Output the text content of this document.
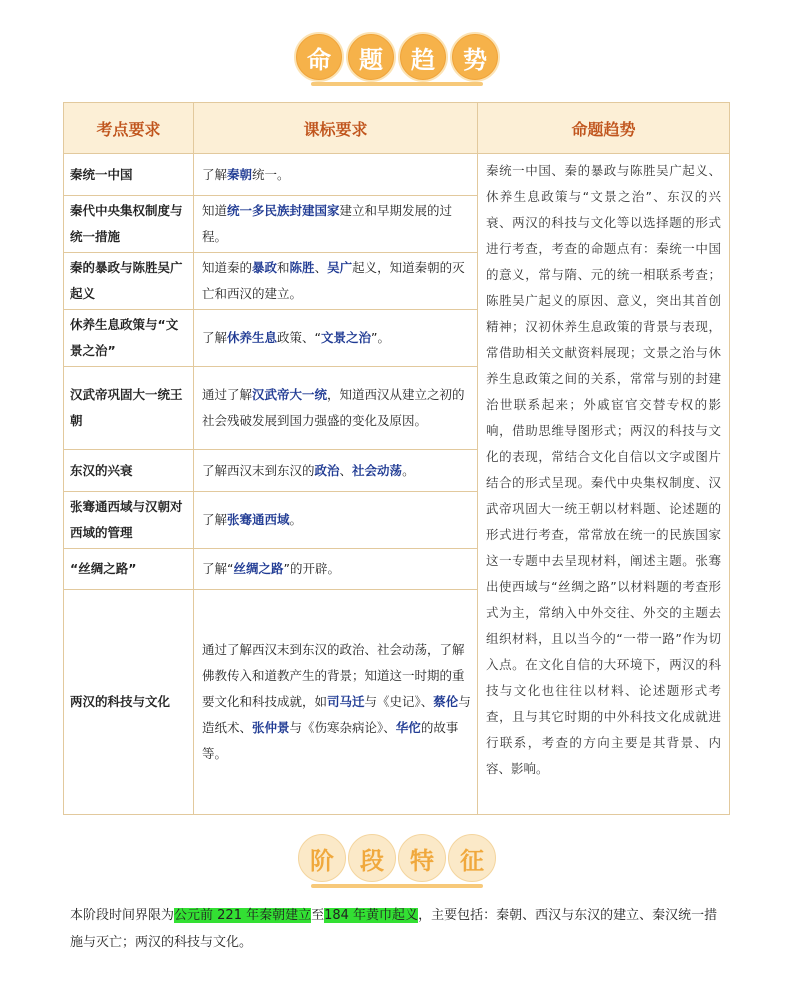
命	题	趋	势
考点要求	课标要求	命题趋势
秦统一中国	了解秦朝统一。	秦统一中国、秦的暴政与陈胜吴广起义、休养生息政策与“文景之治”、东汉的兴衰、两汉的科技与文化等以选择题的形式进行考查，考查的命题点有：秦统一中国的意义，常与隋、元的统一相联系考查；陈胜吴广起义的原因、意义，突出其首创精神；汉初休养生息政策的背景与表现，常借助相关文献资料展现；文景之治与休养生息政策之间的关系，常常与别的封建治世联系起来；外戚宦官交替专权的影响，借助思维导图形式；两汉的科技与文化的表现，常结合文化自信以文字或图片结合的形式呈现。秦代中央集权制度、汉武帝巩固大一统王朝以材料题、论述题的形式进行考查，常常放在统一的民族国家这一专题中去呈现材料，阐述主题。张骞出使西域与“丝绸之路”以材料题的考查形式为主，常纳入中外交往、外交的主题去组织材料，且以当今的“一带一路”作为切入点。在文化自信的大环境下，两汉的科技与文化也往往以材料、论述题形式考查，且与其它时期的中外科技文化成就进行联系，考查的方向主要是其背景、内容、影响。
秦代中央集权制度与统一措施	知道统一多民族封建国家建立和早期发展的过程。	
秦的暴政与陈胜吴广起义	知道秦的暴政和陈胜、吴广起义，知道秦朝的灭亡和西汉的建立。	
休养生息政策与“文景之治”	了解休养生息政策、“文景之治”。	
汉武帝巩固大一统王朝	通过了解汉武帝大一统，知道西汉从建立之初的社会残破发展到国力强盛的变化及原因。	
东汉的兴衰	了解西汉末到东汉的政治、社会动荡。	
张骞通西域与汉朝对西域的管理	了解张骞通西域。	
“丝绸之路”	了解“丝绸之路”的开辟。	
两汉的科技与文化	通过了解西汉末到东汉的政治、社会动荡，了解佛教传入和道教产生的背景；知道这一时期的重要文化和科技成就，如司马迁与《史记》、蔡伦与造纸术、张仲景与《伤寒杂病论》、华佗的故事等。	
阶	段	特	征
本阶段时间界限为公元前 221 年秦朝建立至184 年黄巾起义，主要包括：秦朝、西汉与东汉的建立、秦汉统一措施与灭亡；两汉的科技与文化。
